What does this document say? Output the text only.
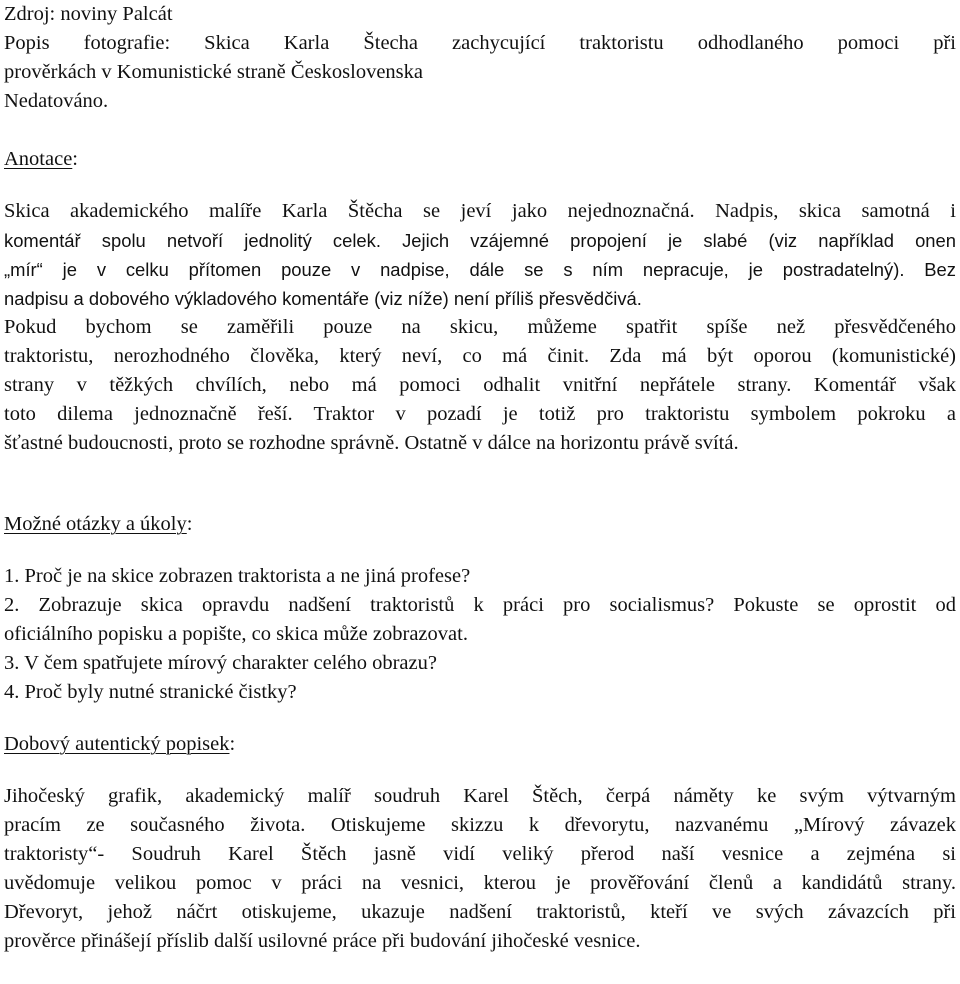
Zdroj: noviny Palcát
Popis fotografie: Skica Karla Štecha zachycující traktoristu odhodlaného pomoci při
prověrkách v Komunistické straně Československa
Nedatováno.
Anotace:
Skica akademického malíře Karla Štěcha se jeví jako nejednoznačná. Nadpis, skica samotná i
komentář spolu netvoří jednolitý celek. Jejich vzájemné propojení je slabé (viz například onen
„mír“ je v celku přítomen pouze v nadpise, dále se s ním nepracuje, je postradatelný). Bez
nadpisu a dobového výkladového komentáře (viz níže) není příliš přesvědčivá.
Pokud bychom se zaměřili pouze na skicu, můžeme spatřit spíše než přesvědčeného
traktoristu, nerozhodného člověka, který neví, co má činit. Zda má být oporou (komunistické)
strany v těžkých chvílích, nebo má pomoci odhalit vnitřní nepřátele strany. Komentář však
toto dilema jednoznačně řeší. Traktor v pozadí je totiž pro traktoristu symbolem pokroku a
šťastné budoucnosti, proto se rozhodne správně. Ostatně v dálce na horizontu právě svítá.
Možné otázky a úkoly:
1. Proč je na skice zobrazen traktorista a ne jiná profese?
2. Zobrazuje skica opravdu nadšení traktoristů k práci pro socialismus? Pokuste se oprostit od
oficiálního popisku a popište, co skica může zobrazovat.
3. V čem spatřujete mírový charakter celého obrazu?
4. Proč byly nutné stranické čistky?
Dobový autentický popisek:
Jihočeský grafik, akademický malíř soudruh Karel Štěch, čerpá náměty ke svým výtvarným
pracím ze současného života. Otiskujeme skizzu k dřevorytu, nazvanému „Mírový závazek
traktoristy“- Soudruh Karel Štěch jasně vidí veliký přerod naší vesnice a zejména si
uvědomuje velikou pomoc v práci na vesnici, kterou je prověřování členů a kandidátů strany.
Dřevoryt, jehož náčrt otiskujeme, ukazuje nadšení traktoristů, kteří ve svých závazcích při
prověrce přinášejí příslib další usilovné práce při budování jihočeské vesnice.
